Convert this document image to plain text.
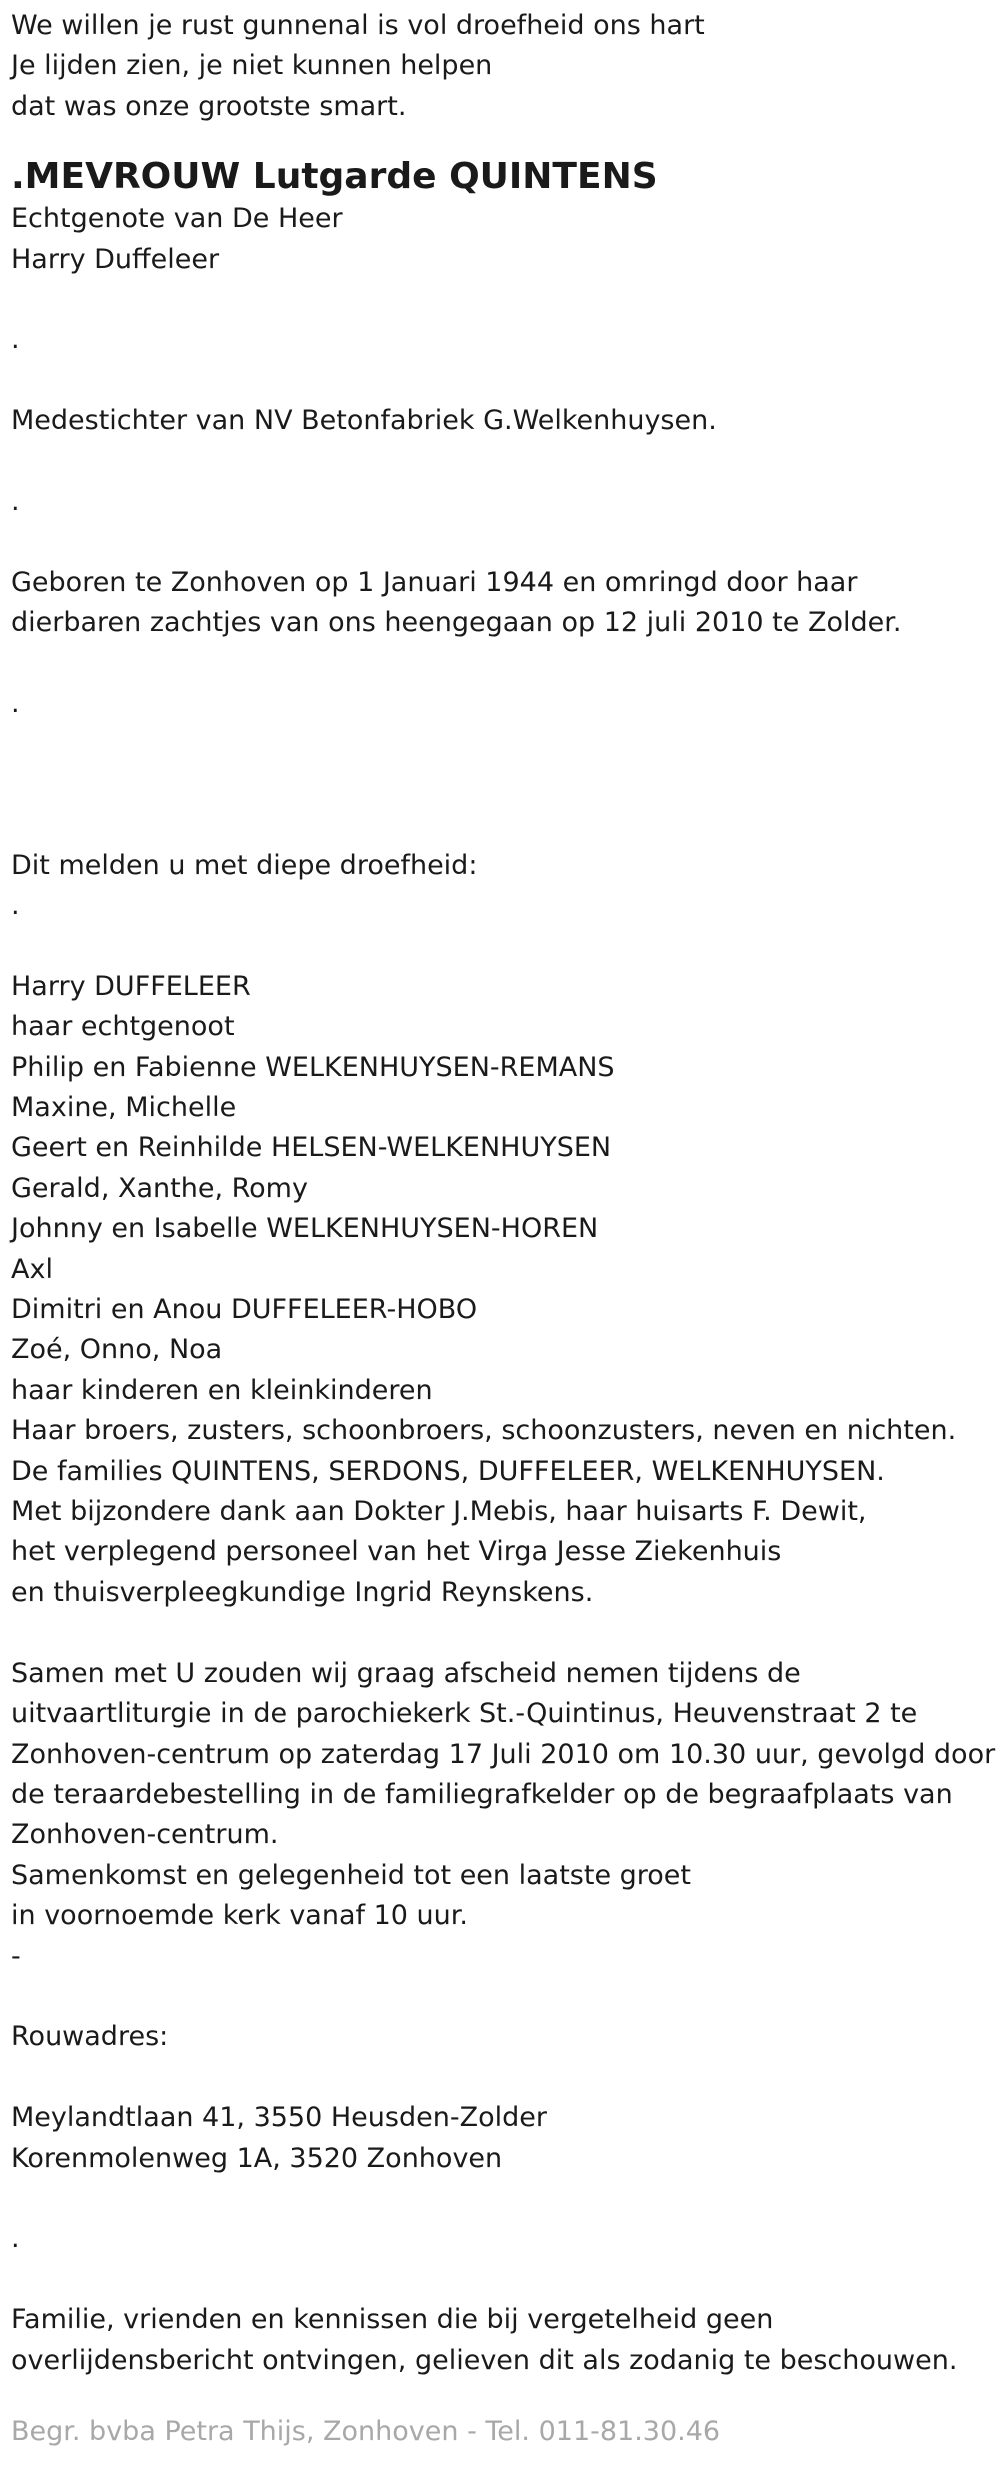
We willen je rust gunnenal is vol droefheid ons hart

Je lijden zien, je niet kunnen helpen

dat was onze grootste smart.

.MEVROUW Lutgarde QUINTENS

Echtgenote van De Heer

Harry Duffeleer

.

Medestichter van NV Betonfabriek G.Welkenhuysen.

.

Geboren te Zonhoven op 1 Januari 1944 en omringd door haar

dierbaren zachtjes van ons heengegaan op 12 juli 2010 te Zolder.

.

Dit melden u met diepe droefheid:

.

Harry DUFFELEER

haar echtgenoot

Philip en Fabienne WELKENHUYSEN-REMANS

Maxine, Michelle

Geert en Reinhilde HELSEN-WELKENHUYSEN

Gerald, Xanthe, Romy

Johnny en Isabelle WELKENHUYSEN-HOREN

Axl

Dimitri en Anou DUFFELEER-HOBO

Zoé, Onno, Noa

haar kinderen en kleinkinderen

Haar broers, zusters, schoonbroers, schoonzusters, neven en nichten.

De families QUINTENS, SERDONS, DUFFELEER, WELKENHUYSEN.

Met bijzondere dank aan Dokter J.Mebis, haar huisarts F. Dewit,

het verplegend personeel van het Virga Jesse Ziekenhuis

en thuisverpleegkundige Ingrid Reynskens.

Samen met U zouden wij graag afscheid nemen tijdens de

uitvaartliturgie in de parochiekerk St.-Quintinus, Heuvenstraat 2 te

Zonhoven-centrum op zaterdag 17 Juli 2010 om 10.30 uur, gevolgd door

de teraardebestelling in de familiegrafkelder op de begraafplaats van

Zonhoven-centrum.

Samenkomst en gelegenheid tot een laatste groet

in voornoemde kerk vanaf 10 uur.

-

Rouwadres:

Meylandtlaan 41, 3550 Heusden-Zolder

Korenmolenweg 1A, 3520 Zonhoven

.

Familie, vrienden en kennissen die bij vergetelheid geen

overlijdensbericht ontvingen, gelieven dit als zodanig te beschouwen.

Begr. bvba Petra Thijs, Zonhoven - Tel. 011-81.30.46
